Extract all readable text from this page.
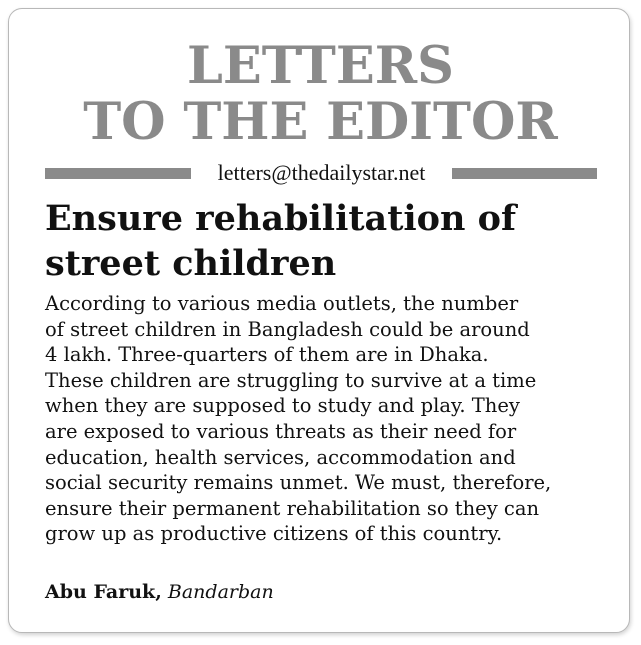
LETTERS
TO THE EDITOR
letters@thedailystar.net
Ensure rehabilitation of
street children
According to various media outlets, the number
of street children in Bangladesh could be around
4 lakh. Three-quarters of them are in Dhaka.
These children are struggling to survive at a time
when they are supposed to study and play. They
are exposed to various threats as their need for
education, health services, accommodation and
social security remains unmet. We must, therefore,
ensure their permanent rehabilitation so they can
grow up as productive citizens of this country.
Abu Faruk, Bandarban
